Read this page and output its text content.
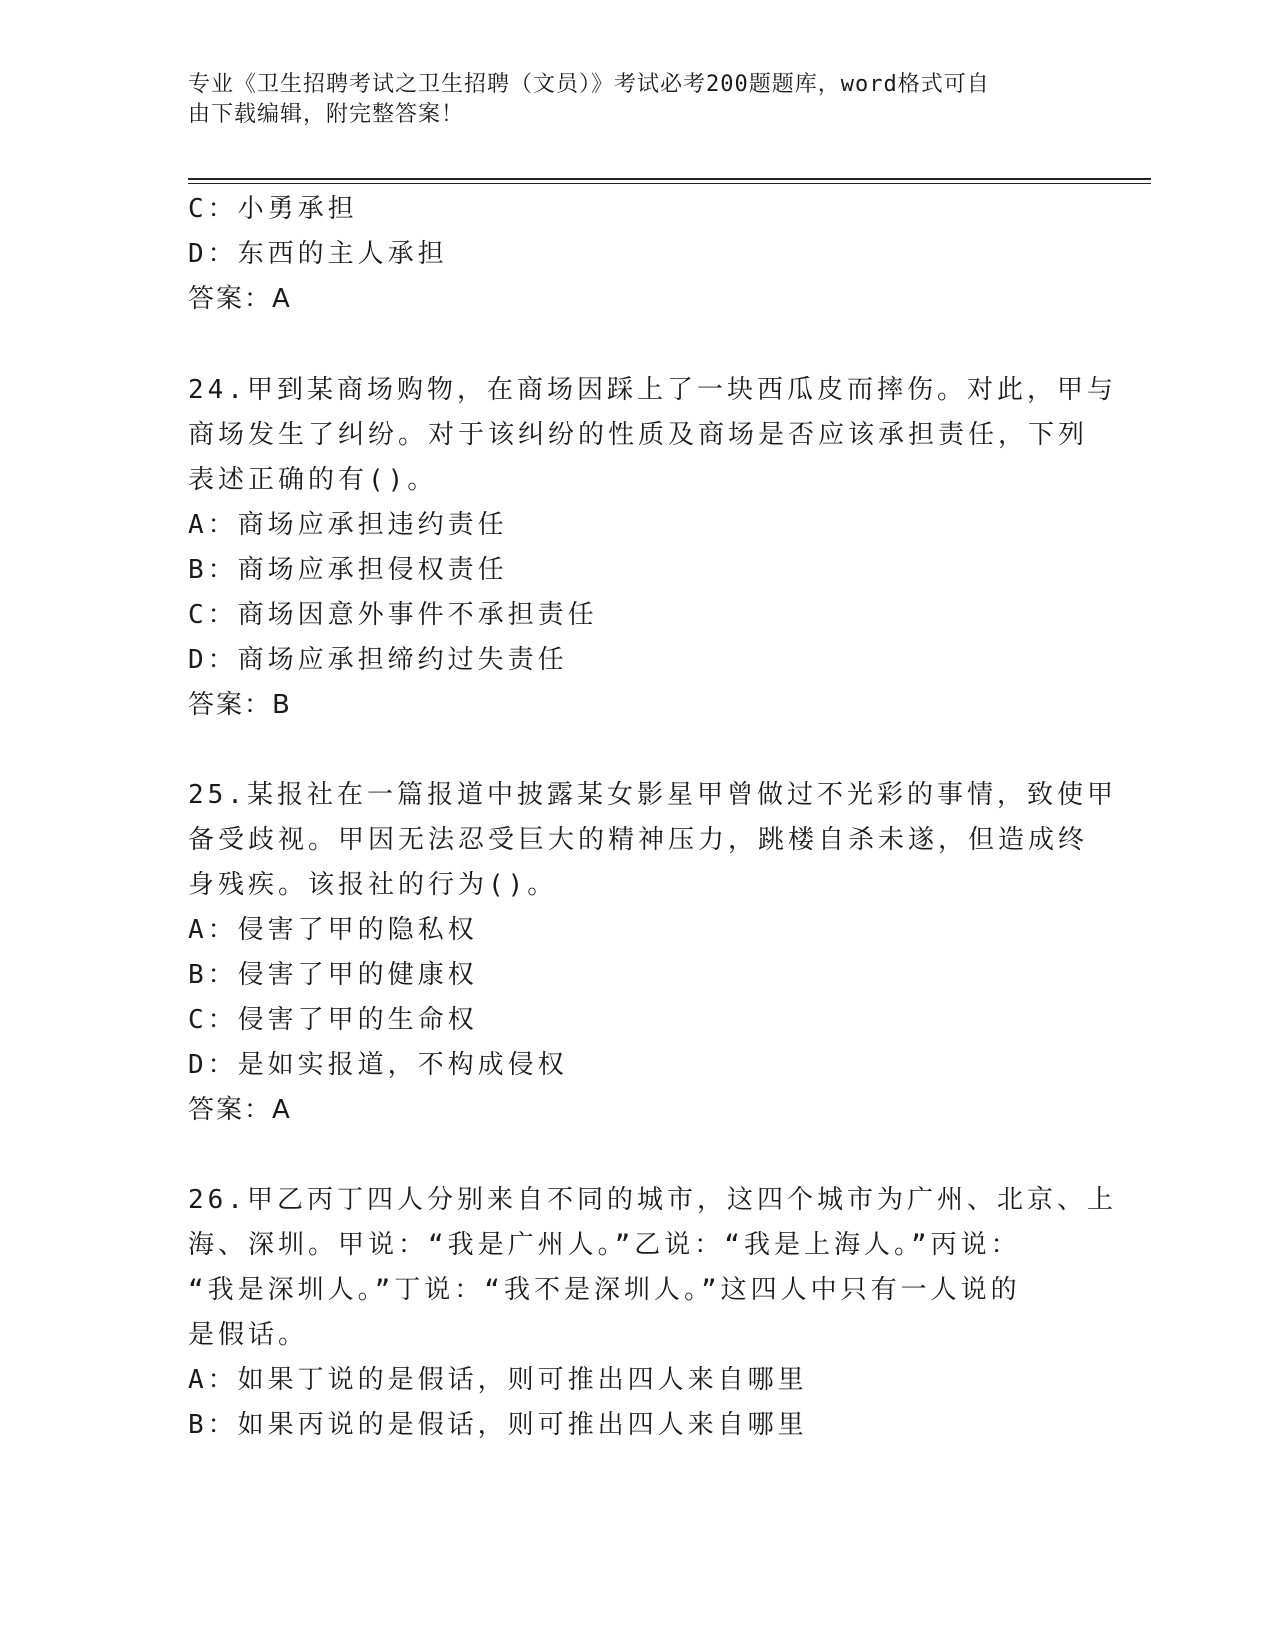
专业《卫生招聘考试之卫生招聘（文员）》考试必考200题题库，word格式可自
由下载编辑，附完整答案！
C：小勇承担
D：东西的主人承担
答案：A
24.甲到某商场购物，在商场因踩上了一块西瓜皮而摔伤。对此，甲与
商场发生了纠纷。对于该纠纷的性质及商场是否应该承担责任，下列
表述正确的有()。
A：商场应承担违约责任
B：商场应承担侵权责任
C：商场因意外事件不承担责任
D：商场应承担缔约过失责任
答案：B
25.某报社在一篇报道中披露某女影星甲曾做过不光彩的事情，致使甲
备受歧视。甲因无法忍受巨大的精神压力，跳楼自杀未遂，但造成终
身残疾。该报社的行为()。
A：侵害了甲的隐私权
B：侵害了甲的健康权
C：侵害了甲的生命权
D：是如实报道，不构成侵权
答案：A
26.甲乙丙丁四人分别来自不同的城市，这四个城市为广州、北京、上
海、深圳。甲说：“我是广州人。”乙说：“我是上海人。”丙说：
“我是深圳人。”丁说：“我不是深圳人。”这四人中只有一人说的
是假话。
A：如果丁说的是假话，则可推出四人来自哪里
B：如果丙说的是假话，则可推出四人来自哪里
